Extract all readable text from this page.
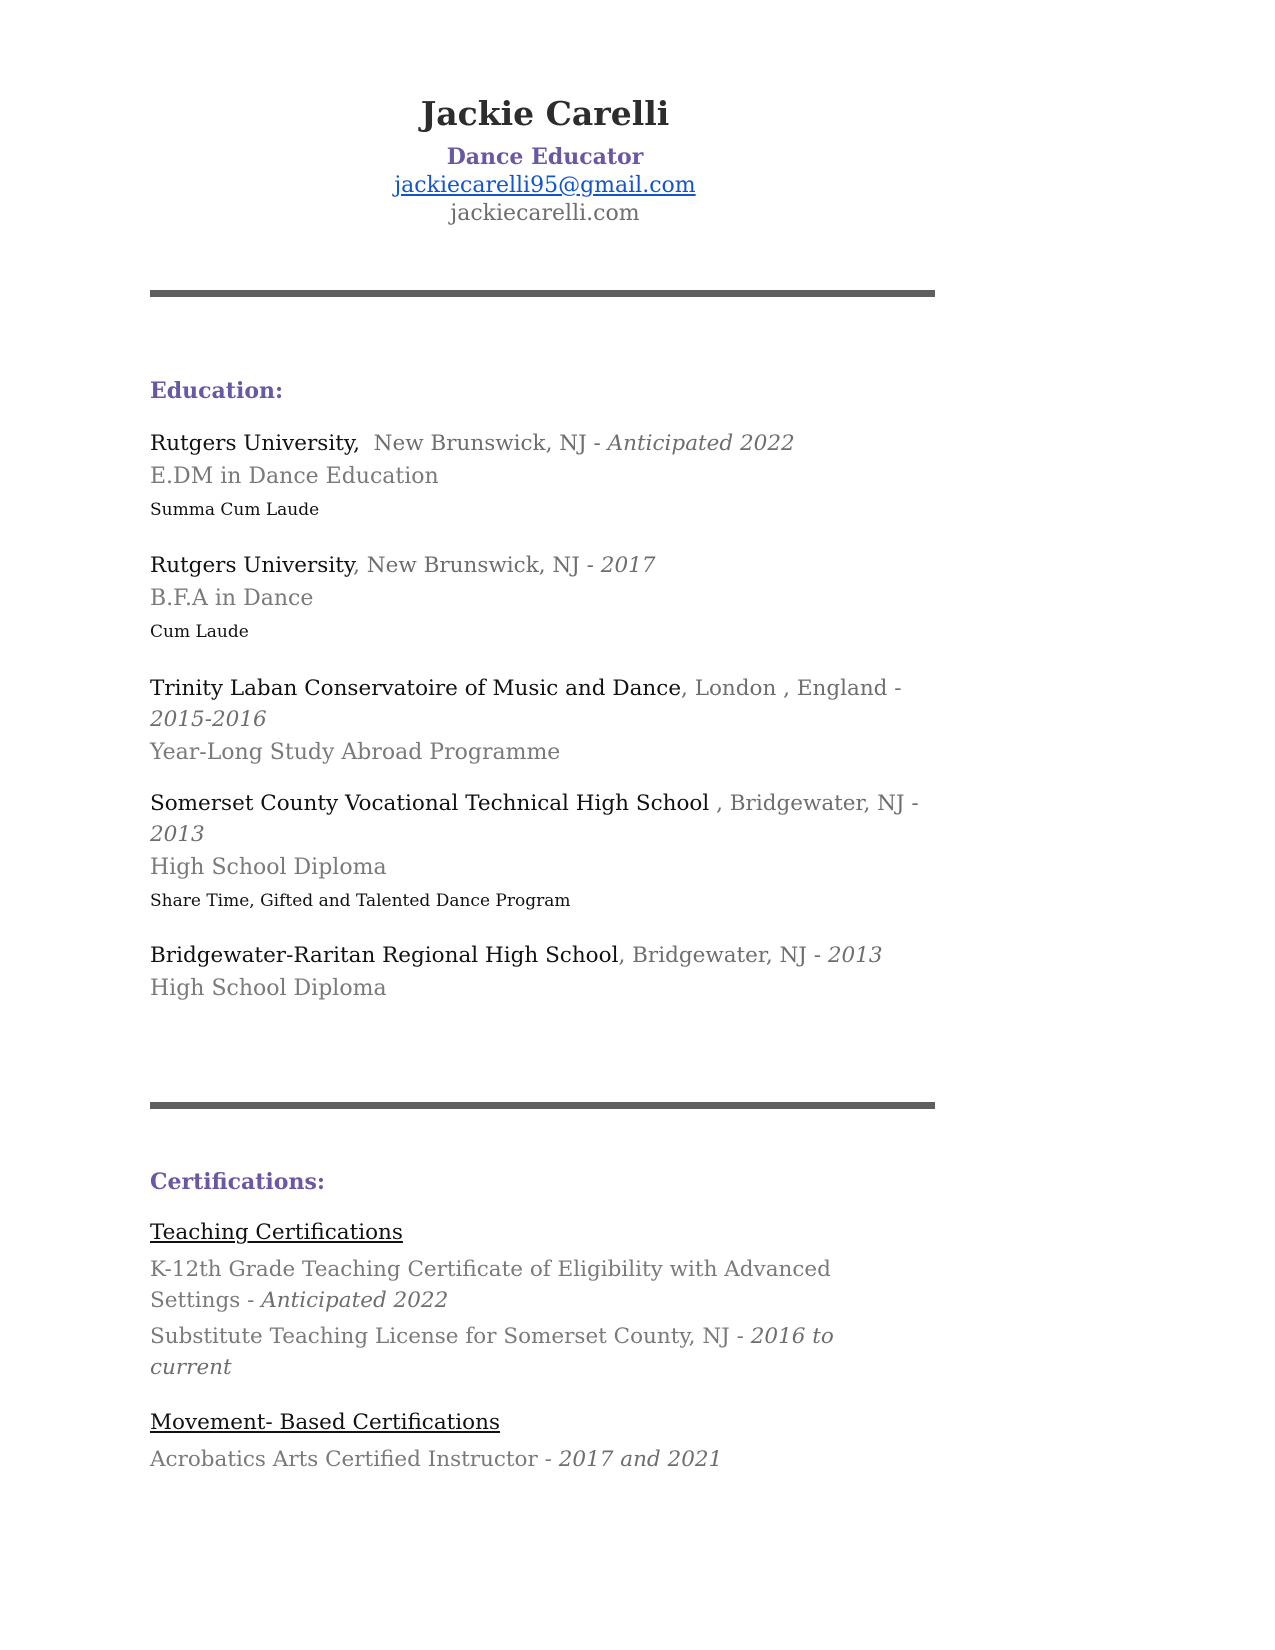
Jackie Carelli
Dance Educator
jackiecarelli95@gmail.com
jackiecarelli.com
Education:
Rutgers University, New Brunswick, NJ - Anticipated 2022
E.DM in Dance Education
Summa Cum Laude
Rutgers University, New Brunswick, NJ - 2017
B.F.A in Dance
Cum Laude
Trinity Laban Conservatoire of Music and Dance, London , England - 2015-2016
Year-Long Study Abroad Programme
Somerset County Vocational Technical High School , Bridgewater, NJ - 2013
High School Diploma
Share Time, Gifted and Talented Dance Program
Bridgewater-Raritan Regional High School, Bridgewater, NJ - 2013
High School Diploma
Certifications:
Teaching Certifications
K-12th Grade Teaching Certificate of Eligibility with Advanced Settings - Anticipated 2022
Substitute Teaching License for Somerset County, NJ - 2016 to current
Movement- Based Certifications
Acrobatics Arts Certified Instructor - 2017 and 2021
